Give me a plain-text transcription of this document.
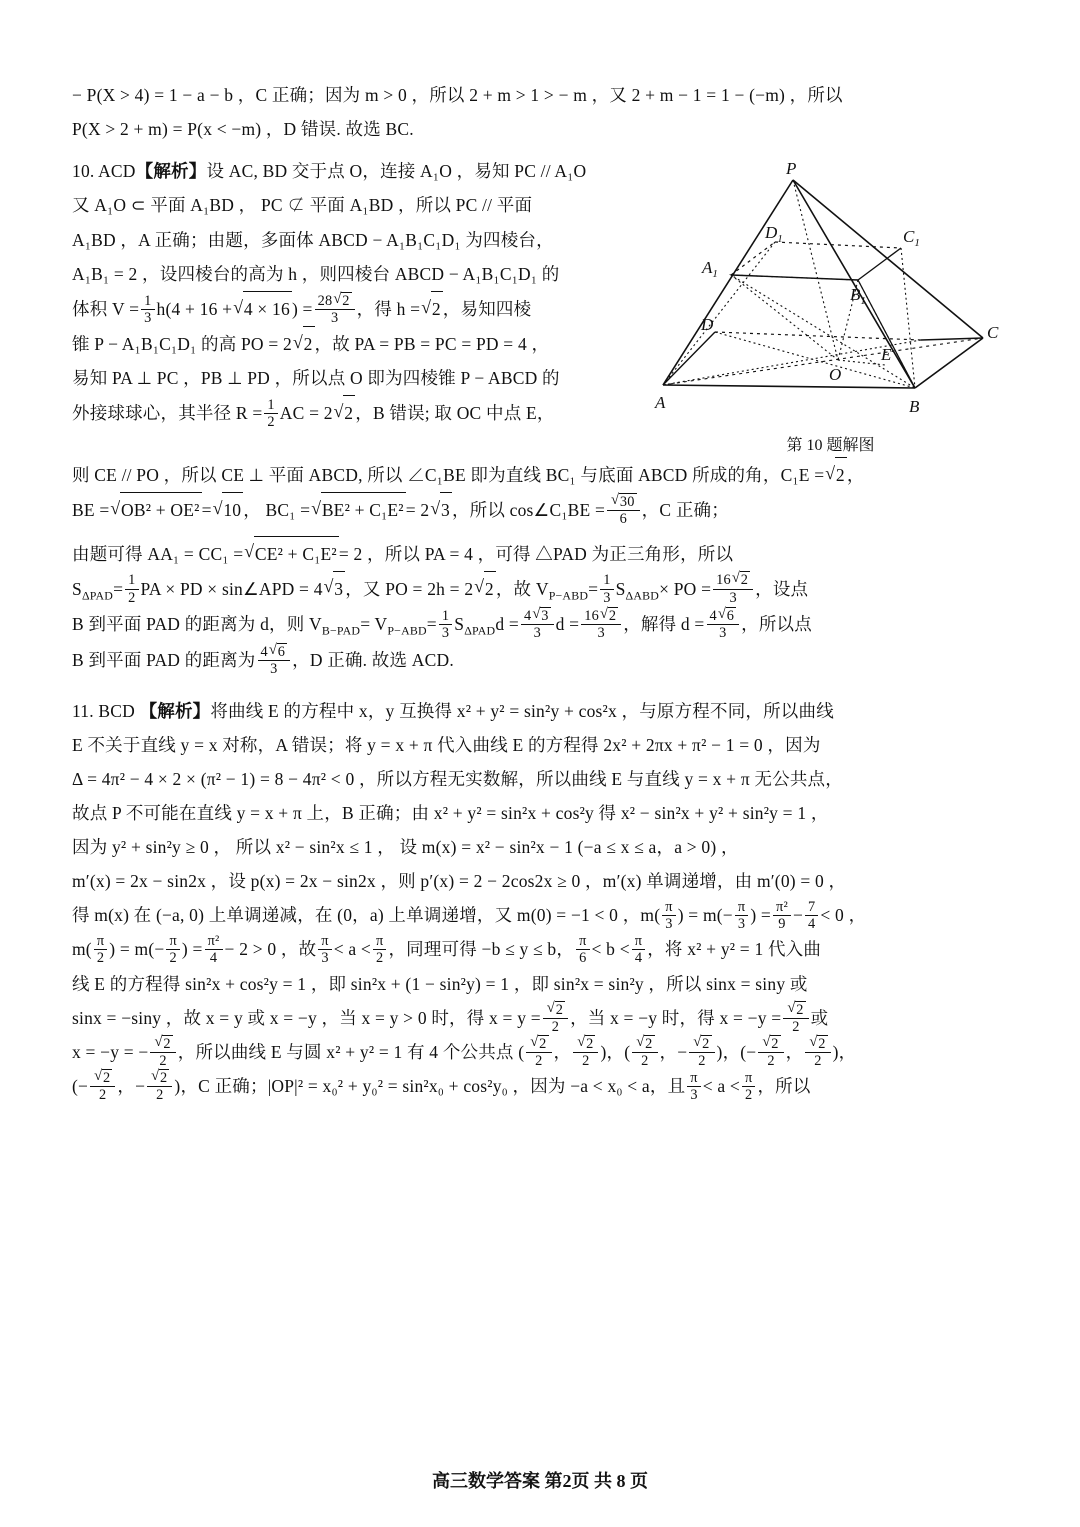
− P(X > 4) = 1 − a − b ，C 正确；因为 m > 0 ，所以 2 + m > 1 > − m ，又 2 + m − 1 = 1 − (−m) ，所以
P(X > 2 + m) = P(x < −m) ，D 错误. 故选 BC.
P
$D_1$	$C_1$
$A_1$
$B_1$
D	C
E
O
A	B
第 10 题解图
10. ACD【解析】设 AC, BD 交于点 O，连接 A₁O ，易知 PC // A₁O
又 A₁O ⊂ 平面 A₁BD ， PC ⊄ 平面 A₁BD ，所以 PC // 平面
A₁BD ，A 正确；由题，多面体 ABCD − A₁B₁C₁D₁ 为四棱台，
A₁B₁ = 2 ，设四棱台的高为 h ，则四棱台 ABCD − A₁B₁C₁D₁ 的
体积 $V = \frac{1}{3} h(4 + 16$ + √ 4 × 16 ) = $\frac{28 √ 2}{3}$ ，得 h = √ 2 ，易知四棱
锥 P − A₁B₁C₁D₁ 的高 PO = 2 √ 2 ，故 PA = PB = PC = PD = 4 ，
易知 PA ⊥ PC ，PB ⊥ PD ，所以点 O 即为四棱锥 P − ABCD 的
外接球球心，其半径 $R = \frac{1}{2}$ AC = 2 √ 2 ，B 错误; 取 OC 中点 E，
则 CE // PO ，所以 CE ⊥ 平面 ABCD, 所以 ∠C₁BE 即为直线 BC₁ 与底面 ABCD 所成的角，C₁E = √ 2 ，
BE = √ OB² + OE² = √ 10 ， BC₁ = √ BE² + C₁E² = 2 √ 3 ，所以 cos∠C₁BE = √ $\frac{30}{6}$ ，C 正确；
由题可得 AA₁ = CC₁ = √ CE² + C₁E² = 2 ，所以 PA = 4 ，可得 △PAD 为正三角形，所以
$S_{\Delta PAD}= \frac{1}{2}$ PA × PD × sin∠APD = 4 √ 3 ，又 PO = 2h = 2 √ 2 ，故 $V_{P-ABD}= \frac{1}{3} S_{\Delta ABD}\times$ PO = $\frac{16 √ 2}{3}$ ，设点
B 到平面 PAD 的距离为 d，则 $V_{B-PAD}= V_{P-ABD}= \frac{1}{3} S_{\Delta PAD}d = \frac{4 √ 3}{3}$ $d = \frac{16 √ 2}{3}$ ，解得 $d = \frac{4 √ 6}{3}$ ，所以点
B 到平面 PAD 的距离为 $\frac{4 √ 6}{3}$ ，D 正确. 故选 ACD.
11. BCD 【解析】将曲线 E 的方程中 x，y 互换得 x² + y² = sin²y + cos²x ，与原方程不同，所以曲线
E 不关于直线 y = x 对称，A 错误；将 y = x + π 代入曲线 E 的方程得 2x² + 2πx + π² − 1 = 0 ，因为
Δ = 4π² − 4 × 2 × (π² − 1) = 8 − 4π² < 0 ，所以方程无实数解，所以曲线 E 与直线 y = x + π 无公共点，
故点 P 不可能在直线 y = x + π 上，B 正确；由 x² + y² = sin²x + cos²y 得 x² − sin²x + y² + sin²y = 1 ，
因为 y² + sin²y ≥ 0 ， 所以 x² − sin²x ≤ 1 ， 设 m(x) = x² − sin²x − 1 (−a ≤ x ≤ a，a > 0) ，
m′(x) = 2x − sin2x ，设 p(x) = 2x − sin2x ，则 p′(x) = 2 − 2cos2x ≥ 0 ，m′(x) 单调递增，由 m′(0) = 0 ，
得 m(x) 在 (−a, 0) 上单调递减，在 (0，a) 上单调递增，又 m(0) = −1 < 0 ，$m( \frac{\pi}{3}$ ) = $m(- \frac{\pi}{3}$ ) = $\frac{\text{π²}}{9} - \frac{7}{4} < 0$ ，
$m( \frac{\pi}{2}$ ) = $m(- \frac{\pi}{2}$ ) = $\frac{\text{π²}}{4} - 2 > 0$ ，故 $\frac{\pi}{3} < a < \frac{\pi}{2}$ ，同理可得 −b ≤ y ≤ b， $\frac{\pi}{6} < b < \frac{\pi}{4}$ ，将 x² + y² = 1 代入曲
线 E 的方程得 sin²x + cos²y = 1 ，即 sin²x + (1 − sin²y) = 1 ，即 sin²x = sin²y ，所以 sinx = siny 或
sinx = −siny ，故 x = y 或 x = −y ，当 x = y > 0 时，得 x = y = √ $\frac{2}{2}$ ，当 x = −y 时，得 x = −y = √ $\frac{2}{2}$ 或
x = −y = − √ $\frac{2}{2}$ ，所以曲线 E 与圆 x² + y² = 1 有 4 个公共点 ( √ $\frac{2}{2}$ ， √ $\frac{2}{2}$ )，( √ $\frac{2}{2}$ ，− √ $\frac{2}{2}$ )，(− √ $\frac{2}{2}$ ， √ $\frac{2}{2}$ )，
(− √ $\frac{2}{2}$ ，− √ $\frac{2}{2}$ )，C 正确；|OP|² = x₀² + y₀² = sin²x₀ + cos²y₀ ，因为 −a < x₀ < a，且 $\frac{\pi}{3} < a < \frac{\pi}{2}$ ，所以
高三数学答案 第2页 共 8 页
